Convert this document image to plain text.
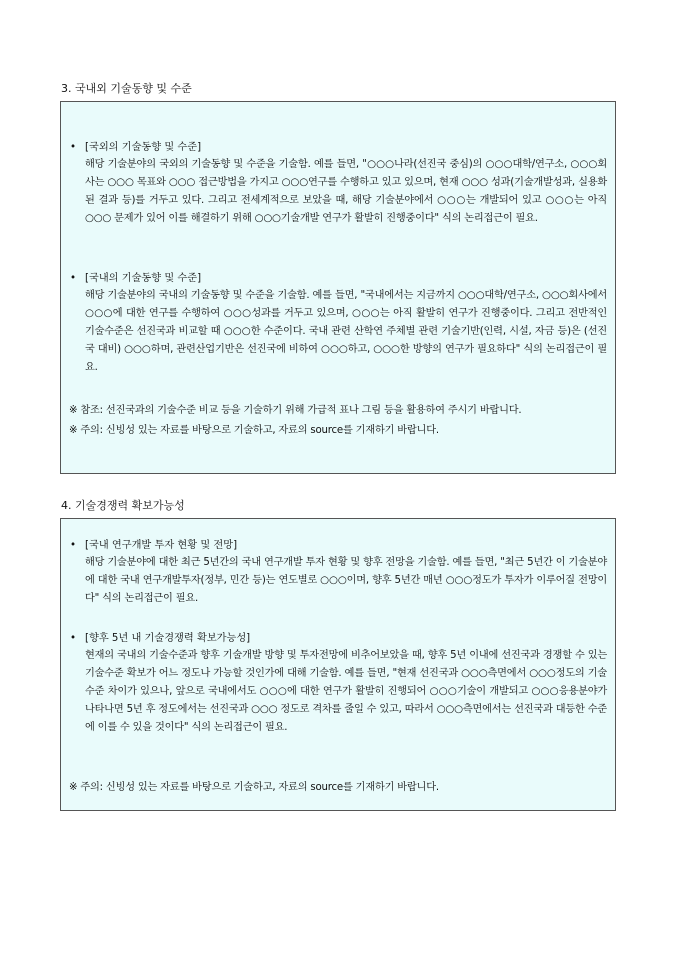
3. 국내외 기술동향 및 수준
• [국외의 기술동향 및 수준]
해당 기술분야의 국외의 기술동향 및 수준을 기술함. 예를 들면, "○○○나라(선진국 중심)의 ○○○대학/연구소, ○○○회사는 ○○○ 목표와 ○○○ 접근방법을 가지고 ○○○연구를 수행하고 있고 있으며, 현재 ○○○ 성과(기술개발성과, 실용화된 결과 등)를 거두고 있다. 그리고 전세계적으로 보았을 때, 해당 기술분야에서 ○○○는 개발되어 있고 ○○○는 아직 ○○○ 문제가 있어 이를 해결하기 위해 ○○○기술개발 연구가 활발히 진행중이다" 식의 논리접근이 필요.
• [국내의 기술동향 및 수준]
해당 기술분야의 국내의 기술동향 및 수준을 기술함. 예를 들면, "국내에서는 지금까지 ○○○대학/연구소, ○○○회사에서 ○○○에 대한 연구를 수행하여 ○○○성과를 거두고 있으며, ○○○는 아직 활발히 연구가 진행중이다. 그리고 전반적인 기술수준은 선진국과 비교할 때 ○○○한 수준이다. 국내 관련 산학연 주체별 관련 기술기반(인력, 시설, 자금 등)은 (선진국 대비) ○○○하며, 관련산업기반은 선진국에 비하여 ○○○하고, ○○○한 방향의 연구가 필요하다" 식의 논리접근이 필요.
※ 참조: 선진국과의 기술수준 비교 등을 기술하기 위해 가급적 표나 그림 등을 활용하여 주시기 바랍니다.
※ 주의: 신빙성 있는 자료를 바탕으로 기술하고, 자료의 source를 기재하기 바랍니다.
4. 기술경쟁력 확보가능성
• [국내 연구개발 투자 현황 및 전망]
해당 기술분야에 대한 최근 5년간의 국내 연구개발 투자 현황 및 향후 전망을 기술함. 예를 들면, "최근 5년간 이 기술분야에 대한 국내 연구개발투자(정부, 민간 등)는 연도별로 ○○○이며, 향후 5년간 매년 ○○○정도가 투자가 이루어질 전망이다" 식의 논리접근이 필요.
• [향후 5년 내 기술경쟁력 확보가능성]
현재의 국내의 기술수준과 향후 기술개발 방향 및 투자전망에 비추어보았을 때, 향후 5년 이내에 선진국과 경쟁할 수 있는 기술수준 확보가 어느 정도나 가능할 것인가에 대해 기술함. 예를 들면, "현재 선진국과 ○○○측면에서 ○○○정도의 기술수준 차이가 있으나, 앞으로 국내에서도 ○○○에 대한 연구가 활발히 진행되어 ○○○기술이 개발되고 ○○○응용분야가 나타나면 5년 후 정도에서는 선진국과 ○○○ 정도로 격차를 줄일 수 있고, 따라서 ○○○측면에서는 선진국과 대등한 수준에 이를 수 있을 것이다" 식의 논리접근이 필요.
※ 주의: 신빙성 있는 자료를 바탕으로 기술하고, 자료의 source를 기재하기 바랍니다.
